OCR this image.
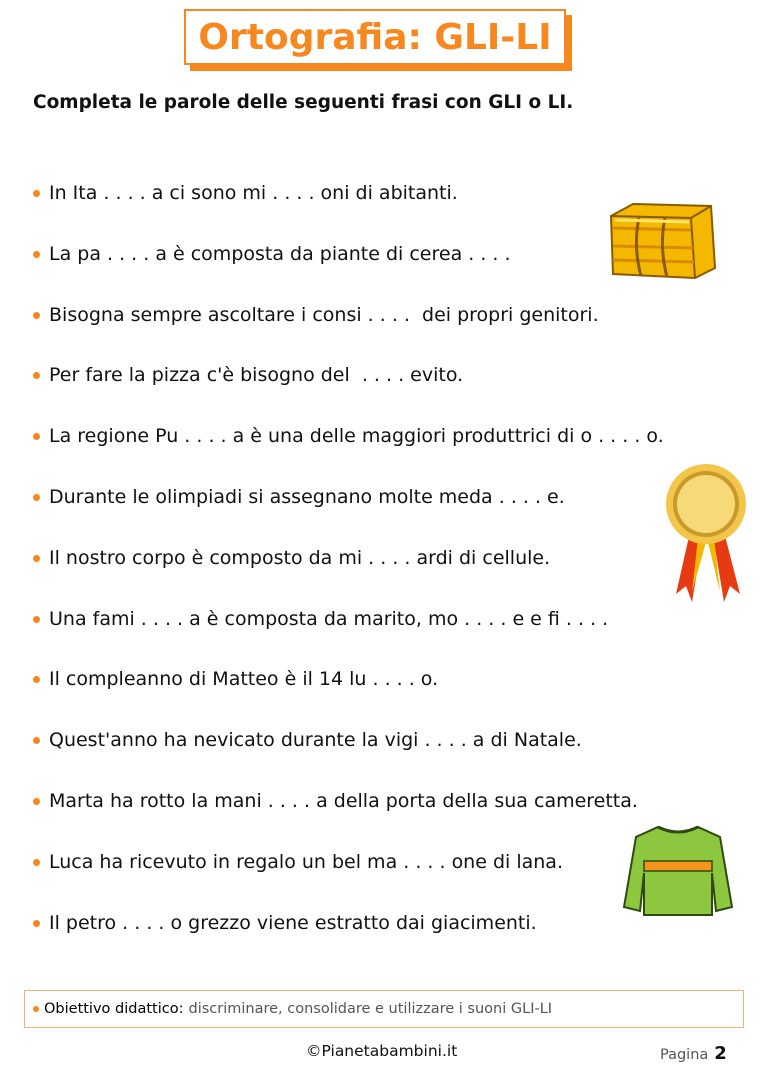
Ortografia: GLI-LI
Completa le parole delle seguenti frasi con GLI o LI.
In Ita . . . . a ci sono mi . . . . oni di abitanti.
La pa . . . . a è composta da piante di cerea . . . .
Bisogna sempre ascoltare i consi . . . .  dei propri genitori.
Per fare la pizza c'è bisogno del  . . . . evito.
La regione Pu . . . . a è una delle maggiori produttrici di o . . . . o.
Durante le olimpiadi si assegnano molte meda . . . . e.
Il nostro corpo è composto da mi . . . . ardi di cellule.
Una fami . . . . a è composta da marito, mo . . . . e e fi . . . .
Il compleanno di Matteo è il 14 lu . . . . o.
Quest'anno ha nevicato durante la vigi . . . . a di Natale.
Marta ha rotto la mani . . . . a della porta della sua cameretta.
Luca ha ricevuto in regalo un bel ma . . . . one di lana.
Il petro . . . . o grezzo viene estratto dai giacimenti.
Obiettivo didattico: discriminare, consolidare e utilizzare i suoni GLI-LI
©Pianetabambini.it	Pagina 2
